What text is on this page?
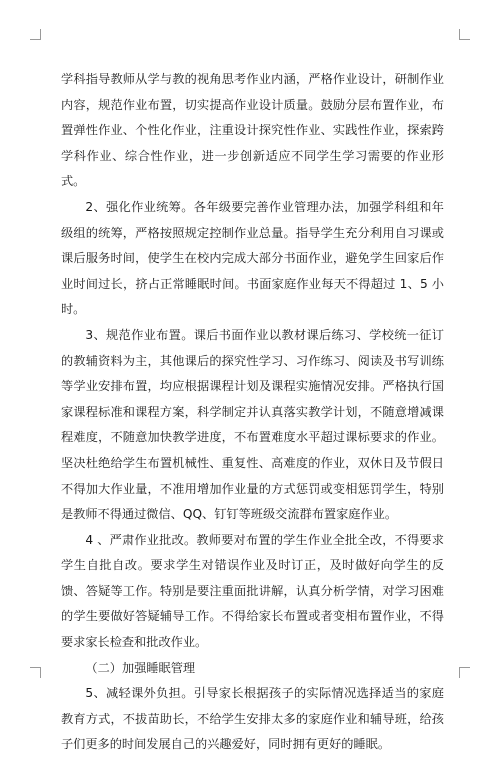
学科指导教师从学与教的视角思考作业内涵，严格作业设计，研制作业内容，规范作业布置，切实提高作业设计质量。鼓励分层布置作业，布置弹性作业、个性化作业，注重设计探究性作业、实践性作业，探索跨学科作业、综合性作业，进一步创新适应不同学生学习需要的作业形式。

2、强化作业统筹。各年级要完善作业管理办法，加强学科组和年级组的统筹，严格按照规定控制作业总量。指导学生充分利用自习课或课后服务时间，使学生在校内完成大部分书面作业，避免学生回家后作业时间过长，挤占正常睡眠时间。书面家庭作业每天不得超过 1、5 小时。

3、规范作业布置。课后书面作业以教材课后练习、学校统一征订的教辅资料为主，其他课后的探究性学习、习作练习、阅读及书写训练等学业安排布置，均应根据课程计划及课程实施情况安排。严格执行国家课程标准和课程方案，科学制定并认真落实教学计划，不随意增减课程难度，不随意加快教学进度，不布置难度水平超过课标要求的作业。坚决杜绝给学生布置机械性、重复性、高难度的作业，双休日及节假日不得加大作业量，不准用增加作业量的方式惩罚或变相惩罚学生，特别是教师不得通过微信、QQ、钉钉等班级交流群布置家庭作业。

4 、严肃作业批改。教师要对布置的学生作业全批全改，不得要求学生自批自改。要求学生对错误作业及时订正，及时做好向学生的反馈、答疑等工作。特别是要注重面批讲解，认真分析学情，对学习困难的学生要做好答疑辅导工作。不得给家长布置或者变相布置作业，不得要求家长检查和批改作业。

（二）加强睡眠管理

5、减轻课外负担。引导家长根据孩子的实际情况选择适当的家庭教育方式，不拔苗助长，不给学生安排太多的家庭作业和辅导班，给孩子们更多的时间发展自己的兴趣爱好，同时拥有更好的睡眠。
